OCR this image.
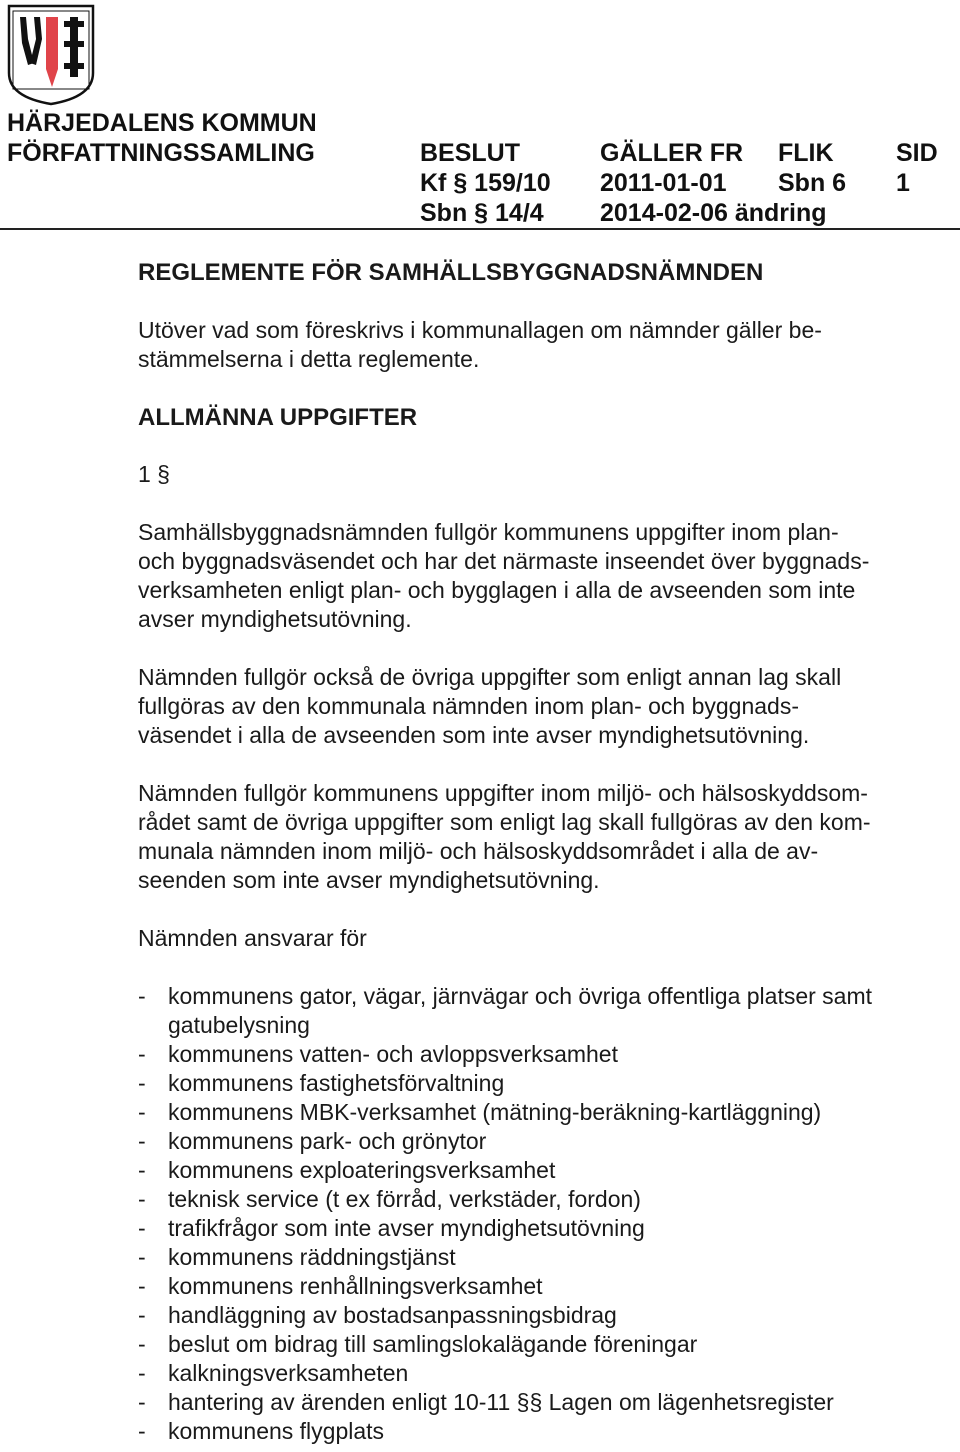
HÄRJEDALENS KOMMUN
FÖRFATTNINGSSAMLING	BESLUT
Kf § 159/10
Sbn § 14/4
GÄLLER FR
2011-01-01
2014-02-06 ändring
FLIK
Sbn 6
SID
1
REGLEMENTE FÖR SAMHÄLLSBYGGNADSNÄMNDEN
Utöver vad som föreskrivs i kommunallagen om nämnder gäller be-
stämmelserna i detta reglemente.
ALLMÄNNA UPPGIFTER
1 §
Samhällsbyggnadsnämnden fullgör kommunens uppgifter inom plan-
och byggnadsväsendet och har det närmaste inseendet över byggnads-
verksamheten enligt plan- och bygglagen i alla de avseenden som inte
avser myndighetsutövning.
Nämnden fullgör också de övriga uppgifter som enligt annan lag skall
fullgöras av den kommunala nämnden inom plan- och byggnads-
väsendet i alla de avseenden som inte avser myndighetsutövning.
Nämnden fullgör kommunens uppgifter inom miljö- och hälsoskyddsom-
rådet samt de övriga uppgifter som enligt lag skall fullgöras av den kom-
munala nämnden inom miljö- och hälsoskyddsområdet i alla de av-
seenden som inte avser myndighetsutövning.
Nämnden ansvarar för
- kommunens gator, vägar, järnvägar och övriga offentliga platser samt gatubelysning
- kommunens vatten- och avloppsverksamhet
- kommunens fastighetsförvaltning
- kommunens MBK-verksamhet (mätning-beräkning-kartläggning)
- kommunens park- och grönytor
- kommunens exploateringsverksamhet
- teknisk service (t ex förråd, verkstäder, fordon)
- trafikfrågor som inte avser myndighetsutövning
- kommunens räddningstjänst
- kommunens renhållningsverksamhet
- handläggning av bostadsanpassningsbidrag
- beslut om bidrag till samlingslokalägande föreningar
- kalkningsverksamheten
- hantering av ärenden enligt 10-11 §§ Lagen om lägenhetsregister
- kommunens flygplats
